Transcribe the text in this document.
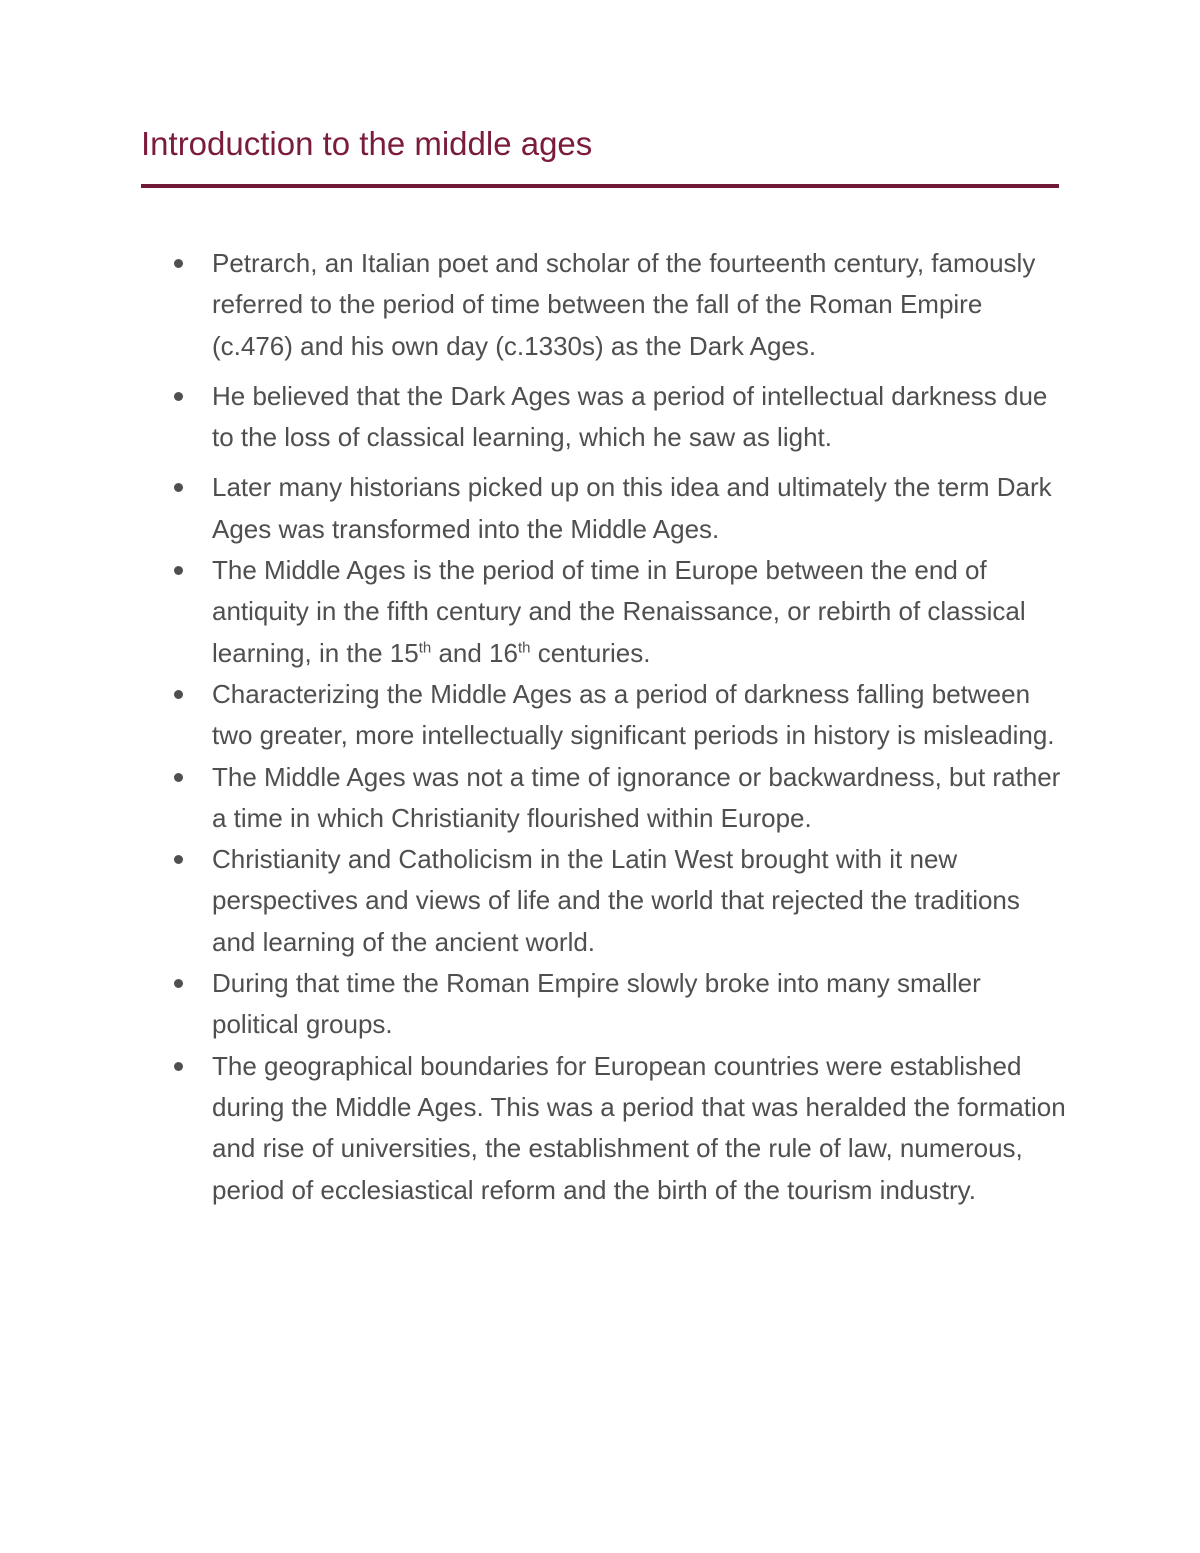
Introduction to the middle ages
Petrarch, an Italian poet and scholar of the fourteenth century, famously referred to the period of time between the fall of the Roman Empire (c.476) and his own day (c.1330s) as the Dark Ages.
He believed that the Dark Ages was a period of intellectual darkness due to the loss of classical learning, which he saw as light.
Later many historians picked up on this idea and ultimately the term Dark Ages was transformed into the Middle Ages.
The Middle Ages is the period of time in Europe between the end of antiquity in the fifth century and the Renaissance, or rebirth of classical learning, in the 15th and 16th centuries.
Characterizing the Middle Ages as a period of darkness falling between two greater, more intellectually significant periods in history is misleading.
The Middle Ages was not a time of ignorance or backwardness, but rather a time in which Christianity flourished within Europe.
Christianity and Catholicism in the Latin West brought with it new perspectives and views of life and the world that rejected the traditions and learning of the ancient world.
During that time the Roman Empire slowly broke into many smaller political groups.
The geographical boundaries for European countries were established during the Middle Ages. This was a period that was heralded the formation and rise of universities, the establishment of the rule of law, numerous, period of ecclesiastical reform and the birth of the tourism industry.
